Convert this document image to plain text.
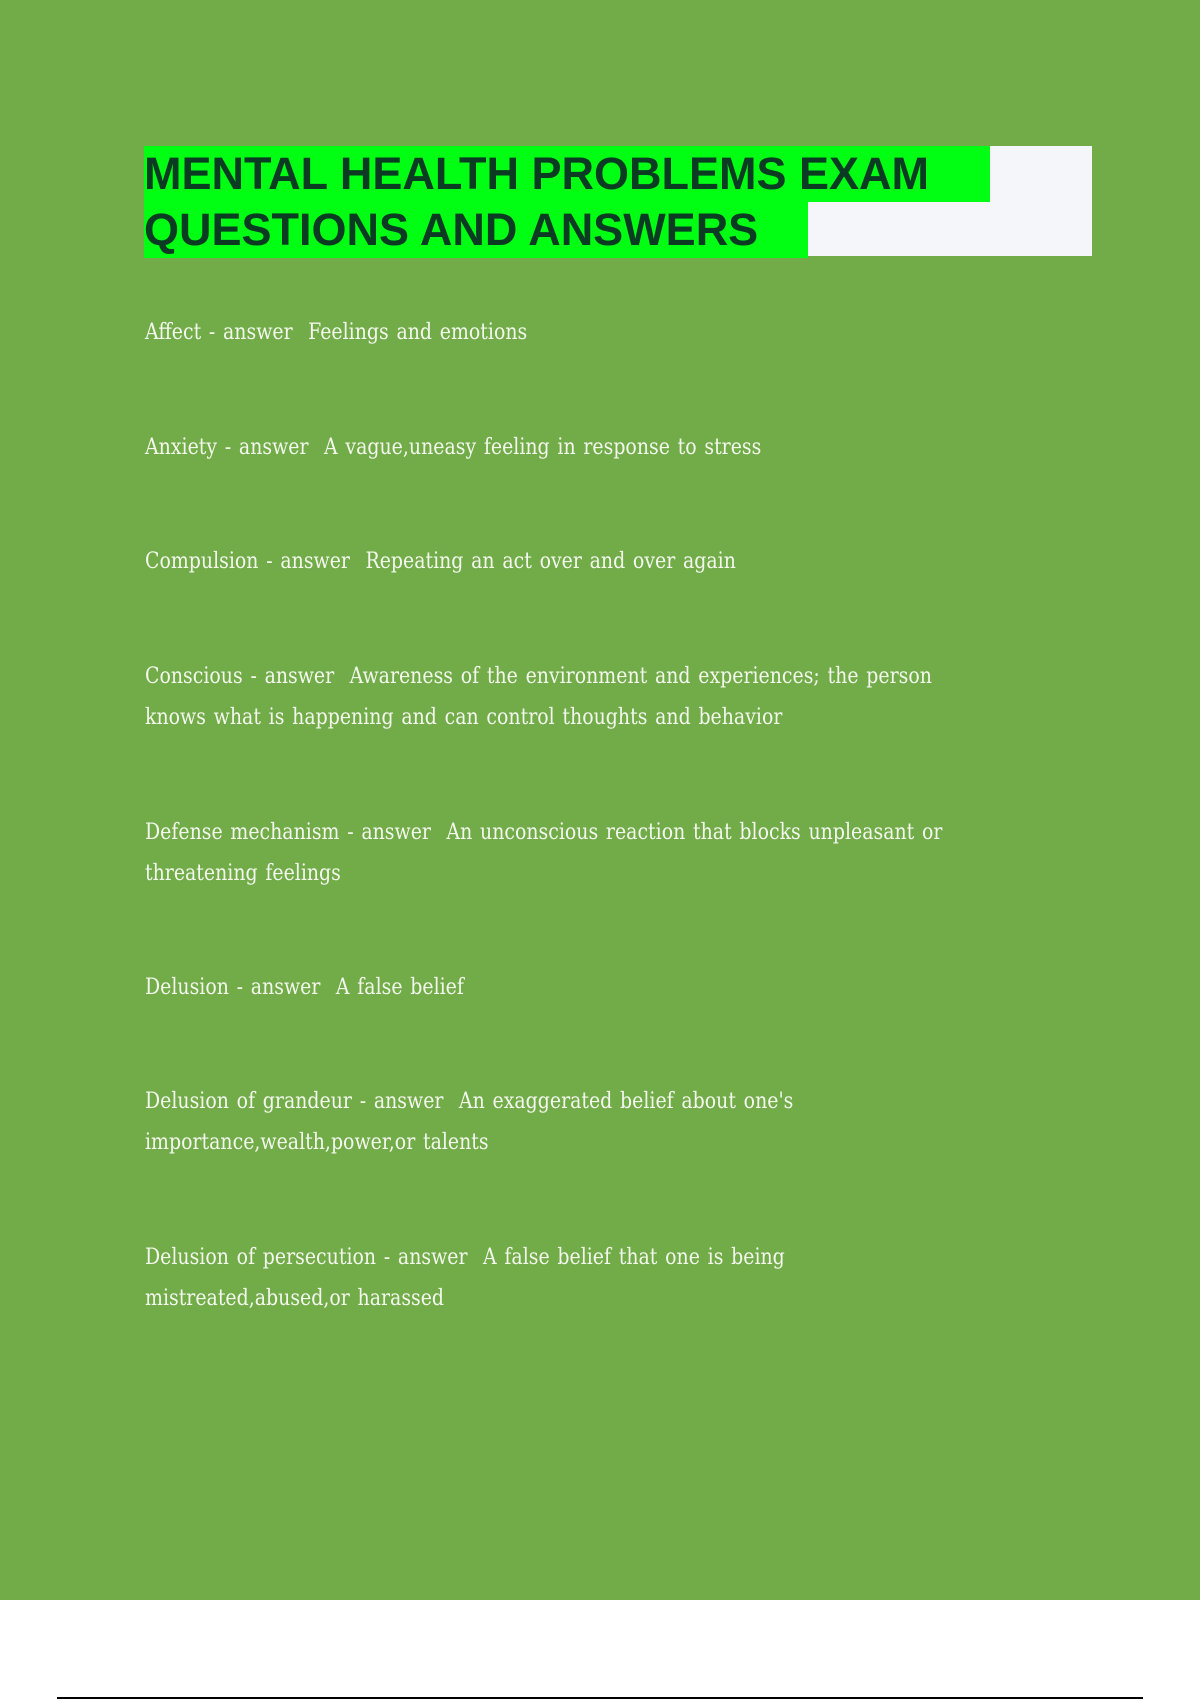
MENTAL HEALTH PROBLEMS EXAM
QUESTIONS AND ANSWERS
Affect - answer  Feelings and emotions
Anxiety - answer  A vague,uneasy feeling in response to stress
Compulsion - answer  Repeating an act over and over again
Conscious - answer  Awareness of the environment and experiences; the person knows what is happening and can control thoughts and behavior
Defense mechanism - answer  An unconscious reaction that blocks unpleasant or threatening feelings
Delusion - answer  A false belief
Delusion of grandeur - answer  An exaggerated belief about one's importance,wealth,power,or talents
Delusion of persecution - answer  A false belief that one is being mistreated,abused,or harassed
